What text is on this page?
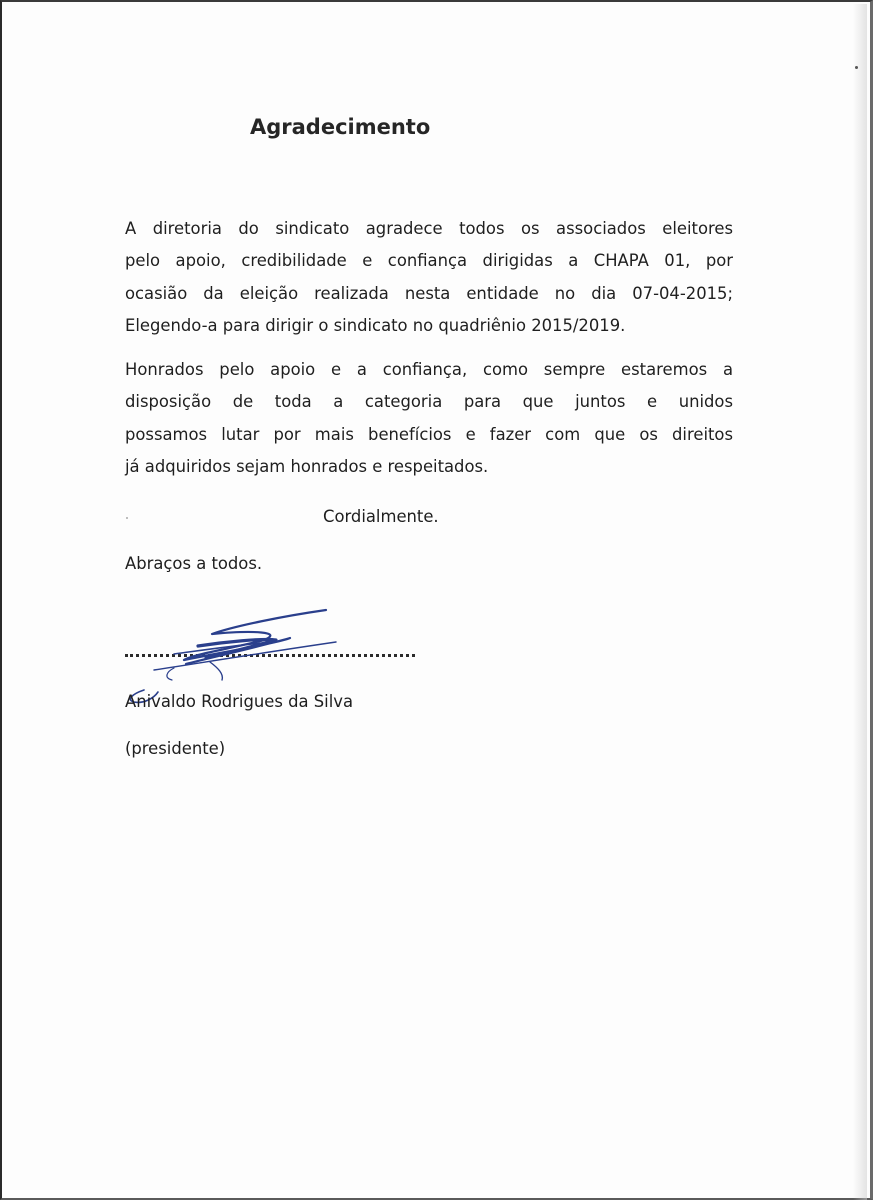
Agradecimento

A diretoria do sindicato agradece todos os associados eleitores
pelo apoio, credibilidade e confiança dirigidas a CHAPA 01, por
ocasião da eleição realizada nesta entidade no dia 07-04-2015;
Elegendo-a para dirigir o sindicato no quadriênio 2015/2019.

Honrados pelo apoio e a confiança, como sempre estaremos a
disposição de toda a categoria para que juntos e unidos
possamos lutar por mais benefícios e fazer com que os direitos
já adquiridos sejam honrados e respeitados.

Cordialmente.
Abraços a todos.
Anivaldo Rodrigues da Silva
(presidente)
